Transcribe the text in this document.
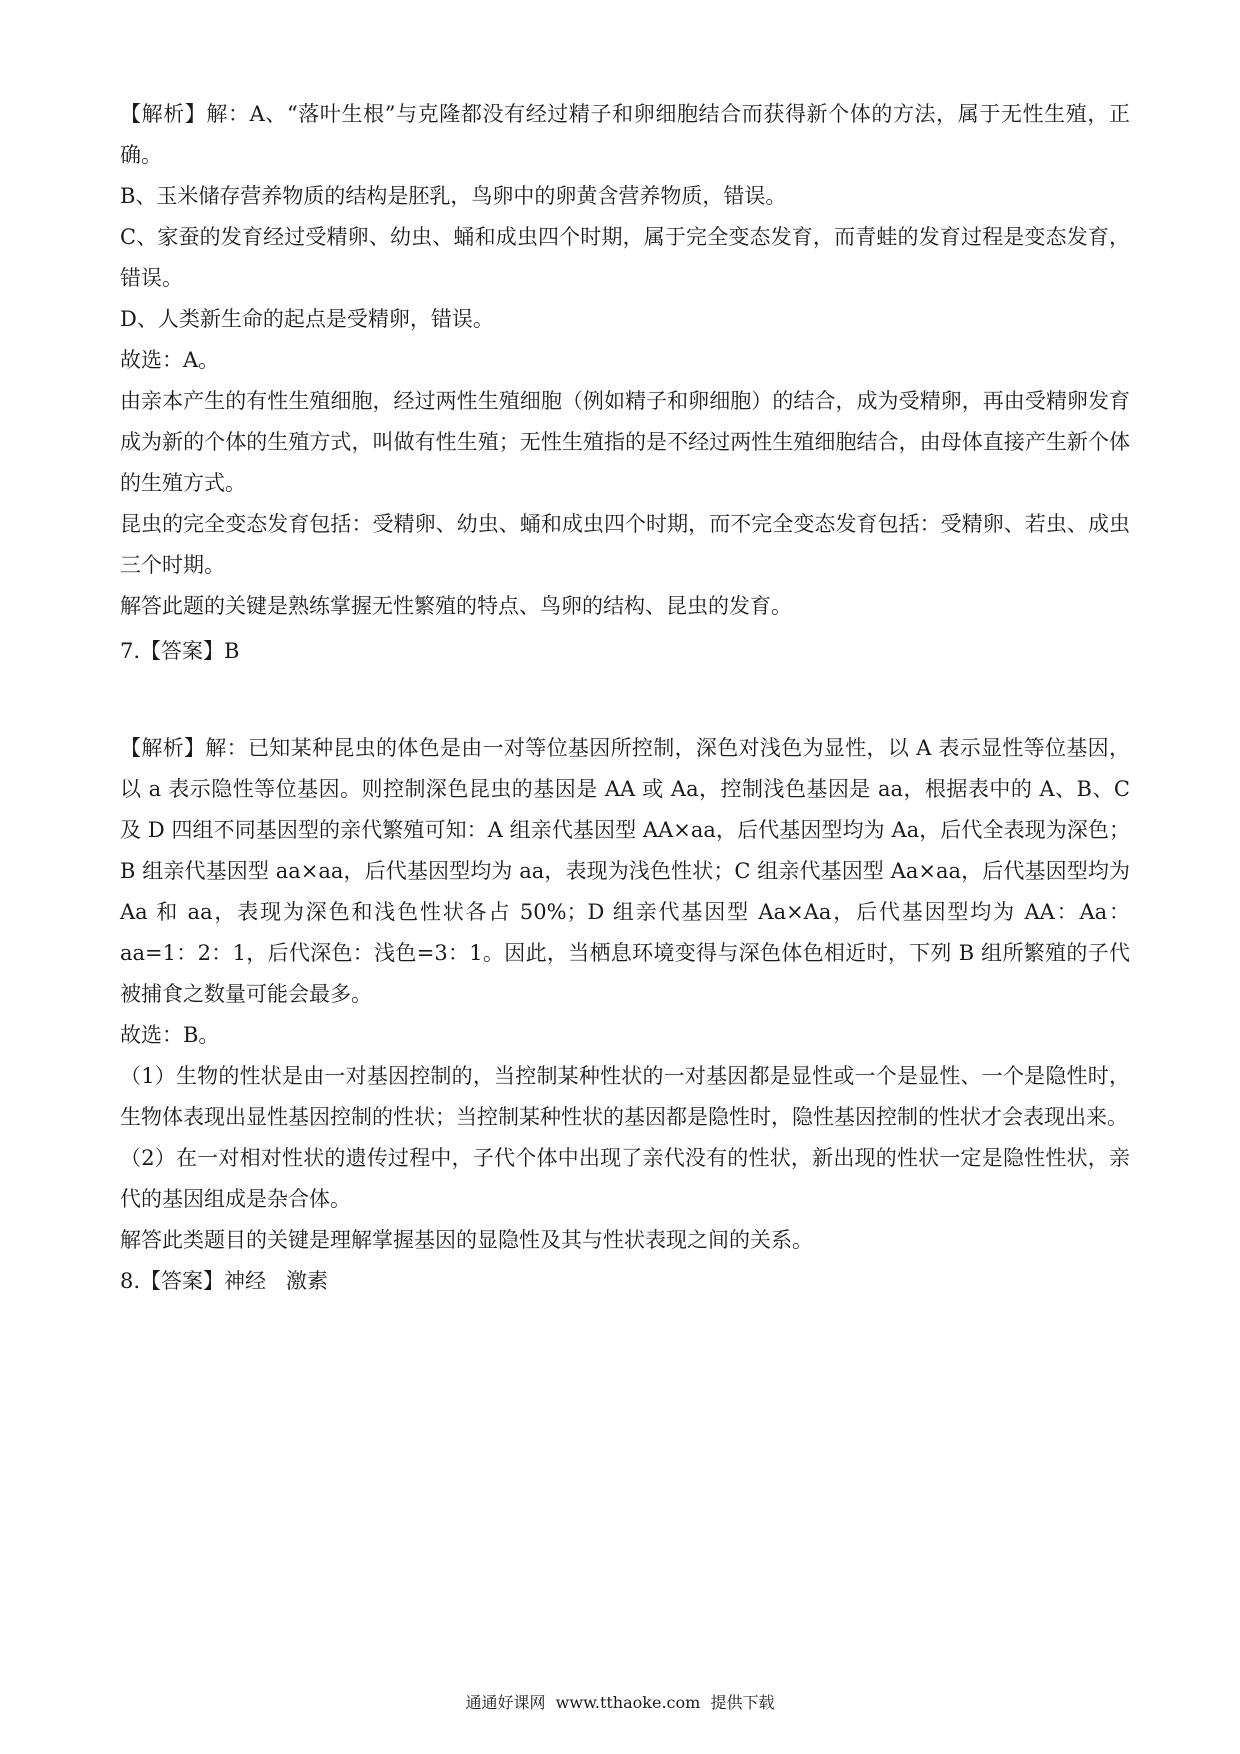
【解析】解：A、“落叶生根”与克隆都没有经过精子和卵细胞结合而获得新个体的方法，属于无性生殖，正确。

B、玉米储存营养物质的结构是胚乳，鸟卵中的卵黄含营养物质，错误。

C、家蚕的发育经过受精卵、幼虫、蛹和成虫四个时期，属于完全变态发育，而青蛙的发育过程是变态发育，错误。

D、人类新生命的起点是受精卵，错误。

故选：A。

由亲本产生的有性生殖细胞，经过两性生殖细胞（例如精子和卵细胞）的结合，成为受精卵，再由受精卵发育成为新的个体的生殖方式，叫做有性生殖；无性生殖指的是不经过两性生殖细胞结合，由母体直接产生新个体的生殖方式。

昆虫的完全变态发育包括：受精卵、幼虫、蛹和成虫四个时期，而不完全变态发育包括：受精卵、若虫、成虫三个时期。

解答此题的关键是熟练掌握无性繁殖的特点、鸟卵的结构、昆虫的发育。

7.【答案】B

【解析】解：已知某种昆虫的体色是由一对等位基因所控制，深色对浅色为显性，以 A 表示显性等位基因，以 a 表示隐性等位基因。则控制深色昆虫的基因是 AA 或 Aa，控制浅色基因是 aa，根据表中的 A、B、C 及 D 四组不同基因型的亲代繁殖可知：A 组亲代基因型 AA×aa，后代基因型均为 Aa，后代全表现为深色；B 组亲代基因型 aa×aa，后代基因型均为 aa，表现为浅色性状；C 组亲代基因型 Aa×aa，后代基因型均为 Aa 和 aa，表现为深色和浅色性状各占 50%；D 组亲代基因型 Aa×Aa，后代基因型均为 AA：Aa：aa=1：2：1，后代深色：浅色=3：1。因此，当栖息环境变得与深色体色相近时，下列 B 组所繁殖的子代被捕食之数量可能会最多。

故选：B。

（1）生物的性状是由一对基因控制的，当控制某种性状的一对基因都是显性或一个是显性、一个是隐性时，生物体表现出显性基因控制的性状；当控制某种性状的基因都是隐性时，隐性基因控制的性状才会表现出来。

（2）在一对相对性状的遗传过程中，子代个体中出现了亲代没有的性状，新出现的性状一定是隐性性状，亲代的基因组成是杂合体。

解答此类题目的关键是理解掌握基因的显隐性及其与性状表现之间的关系。

8.【答案】神经   激素

通通好课网  www.tthaoke.com  提供下载
